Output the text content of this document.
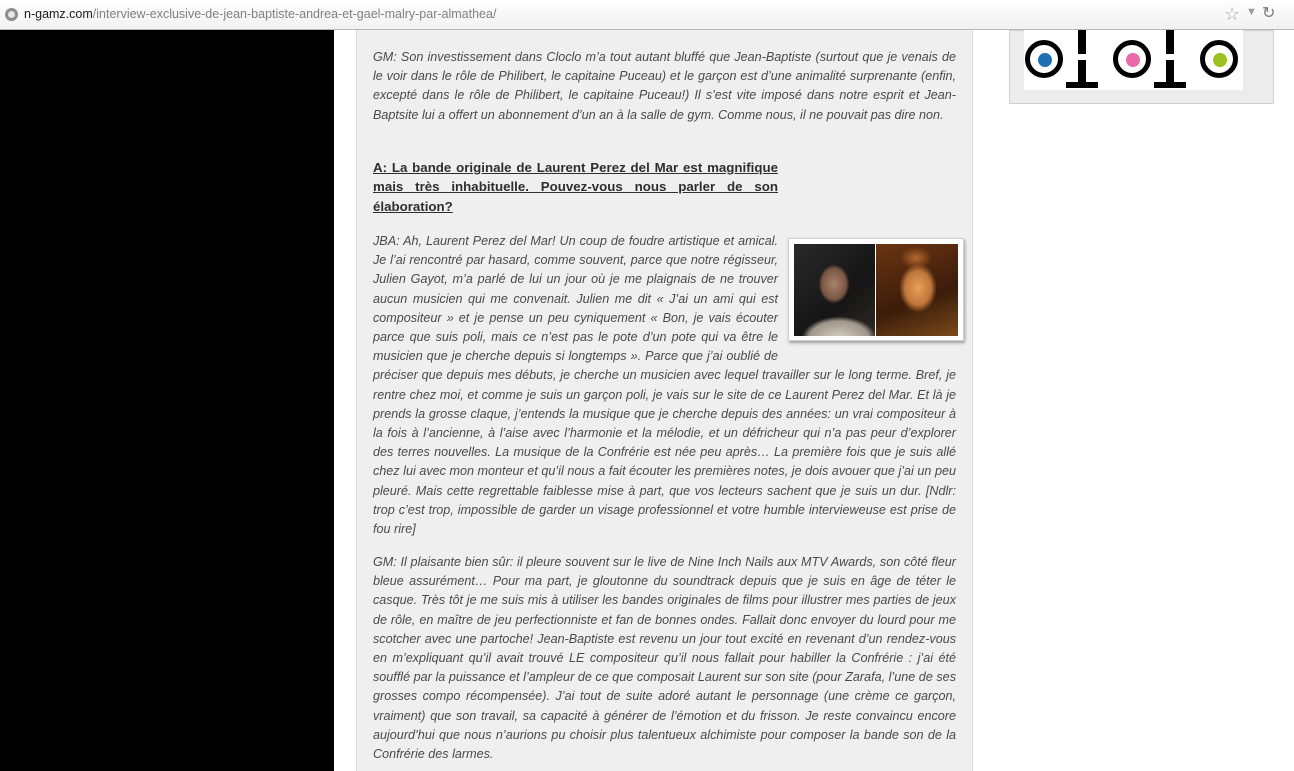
n-gamz.com/interview-exclusive-de-jean-baptiste-andrea-et-gael-malry-par-almathea/	☆ ▼ ↻

GM: Son investissement dans Cloclo m’a tout autant bluffé que Jean-Baptiste (surtout que je venais de le voir dans le rôle de Philibert, le capitaine Puceau) et le garçon est d’une animalité surprenante (enfin, excepté dans le rôle de Philibert, le capitaine Puceau!) Il s’est vite imposé dans notre esprit et Jean-Baptsite lui a offert un abonnement d’un an à la salle de gym. Comme nous, il ne pouvait pas dire non.

A: La bande originale de Laurent Perez del Mar est magnifique mais très inhabituelle. Pouvez-vous nous parler de son élaboration?

JBA: Ah, Laurent Perez del Mar! Un coup de foudre artistique et amical. Je l’ai rencontré par hasard, comme souvent, parce que notre régisseur, Julien Gayot, m’a parlé de lui un jour où je me plaignais de ne trouver aucun musicien qui me convenait. Julien me dit « J’ai un ami qui est compositeur » et je pense un peu cyniquement « Bon, je vais écouter parce que suis poli, mais ce n’est pas le pote d’un pote qui va être le musicien que je cherche depuis si longtemps ». Parce que j’ai oublié de préciser que depuis mes débuts, je cherche un musicien avec lequel travailler sur le long terme. Bref, je rentre chez moi, et comme je suis un garçon poli, je vais sur le site de ce Laurent Perez del Mar. Et là je prends la grosse claque, j’entends la musique que je cherche depuis des années: un vrai compositeur à la fois à l’ancienne, à l’aise avec l’harmonie et la mélodie, et un défricheur qui n’a pas peur d’explorer des terres nouvelles. La musique de la Confrérie est née peu après… La première fois que je suis allé chez lui avec mon monteur et qu’il nous a fait écouter les premières notes, je dois avouer que j’ai un peu pleuré. Mais cette regrettable faiblesse mise à part, que vos lecteurs sachent que je suis un dur. [Ndlr: trop c’est trop, impossible de garder un visage professionnel et votre humble intervieweuse est prise de fou rire]

GM: Il plaisante bien sûr: il pleure souvent sur le live de Nine Inch Nails aux MTV Awards, son côté fleur bleue assurément… Pour ma part, je gloutonne du soundtrack depuis que je suis en âge de téter le casque. Très tôt je me suis mis à utiliser les bandes originales de films pour illustrer mes parties de jeux de rôle, en maître de jeu perfectionniste et fan de bonnes ondes. Fallait donc envoyer du lourd pour me scotcher avec une partoche! Jean-Baptiste est revenu un jour tout excité en revenant d’un rendez-vous en m’expliquant qu’il avait trouvé LE compositeur qu’il nous fallait pour habiller la Confrérie : j’ai été soufflé par la puissance et l’ampleur de ce que composait Laurent sur son site (pour Zarafa, l’une de ses grosses compo récompensée). J’ai tout de suite adoré autant le personnage (une crème ce garçon, vraiment) que son travail, sa capacité à générer de l’émotion et du frisson. Je reste convaincu encore aujourd’hui que nous n’aurions pu choisir plus talentueux alchimiste pour composer la bande son de la Confrérie des larmes.
